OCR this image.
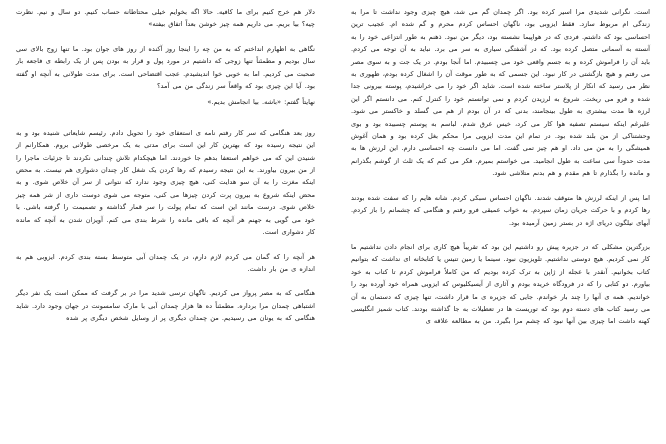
است. نگرانی شدیدی مرا اسیر کرده بود. اگر چمدان گم می شد، هیچ چیزی وجود نداشت تا مرا به زندگی ام مربوط سازد. فقط ایزوبی بود، ناگهان احساس کردم محرم و گم شده ام. عجیب ترین احساسی بود که داشتم. فردی که در هواپیما نشسته بود، دیگر من نبود. ذهنم به طور انتزاعی خود را به آنسته به آسمانی متصل کرده بود. که در آشفتگی سیاری به سر می برد. نباید به آن توجه می کردم. باید آن را فراموش کرده و به جسم واقعی خود می چسبیدم. اما آنجا بودم. در یک جت و به سوی مصر می رفتم و هیچ بازگشتی در کار نبود. این جسمی که به طور موقت آن را اشغال کرده بودم، ظهوری به نظر می رسید که انکار از پلاستر ساخته شده است. شاید اگر خود را می خراشیدم، پوسته بیرونی جدا شده و فرو می ریخت. شروع به لرزیدن کردم و نمی توانستم خود را کنترل کنم. می دانستم اگر این لرزه ها مدت بیشتری به طول بینجامند، بدنی که در آن بودم از هم می گسلد و خاکستر می شود. علیرغم اینکه سیستم تصفیه هوا کار می کرد، خیس عرق شدم. لباسم به پوستم چسبیده بود و بوی وحشتناکی از من بلند شده بود. در تمام این مدت ایزوبی مرا محکم بغل کرده بود و همان آغوش همیشگی را به من می داد. او هم چیز تمی گفت. اما می دانست چه احساسی دارم. این لرزش ها به مدت حدوداً سی ساعت به طول انجامید. می خواستم بمیرم. فکر می کنم که یک ثلث از گوشم بگذرانم و مانده را بگذارم تا هم مقدم و هم بدنم متلاشی شود.

اما پس از اینکه لرزش ها متوقف شدند. ناگهان احساس سبکی کردم. شانه هایم را که سفت شده بودند رها کردم و با حرکت جریان زمان سپردم. به خواب عمیقی فرو رفتم و هنگامی که چشمانم را باز کردم. آبهای نیلگون دریای اژه در بستر زمین آرمیده بود.

بزرگترین مشکلی که در جزیره پیش رو داشتیم این بود که تقریباً هیچ کاری برای انجام دادن نداشتیم ما کار نمی کردیم. هیچ دوستی نداشتیم. تلویزیون نبود. سینما یا زمین تنیس یا کتابخانه ای نداشت که بتوانیم کتاب بخوانیم. آنقدر با عجله از ژاپن به ترک کرده بودیم که من کاملاً فراموش کردم تا کتاب به خود بیاورم. دو کتابی را که در فرودگاه خریده بودم و آثاری از آیسیکلیوس که ایزوبی همراه خود آورده بود را خواندیم. همه ی آنها را چند بار خواندم. جایی که جزیره ی ما قرار داشت، تنها چیزی که دستمان به آن می رسید کتاب های دسته دوم بود که توریست ها در تعطیلات به جا گذاشته بودند. کتاب شمیز انگلیسی کهنه داشت اما چیزی بین آنها نبود که چشم مرا بگیرد. من به مطالعه علاقه ی

دلار هم خرج کنیم برای ما کافیه. حالا اگه بخوایم خیلی محتاطانه حساب کنیم. دو سال و نیم. نظرت چیه؟ بیا بریم. می داریم همه چیز خوشن بعداً اتفاق بیفته»

نگاهی به اظهارم انداختم که به من چه را اینجا روز آکنده از روز های جوان بود. ما تنها زوج بالای سی سال بودیم و مطمئناً تنها زوجی که داشتیم در مورد پول و قرار به بودن پس از یک رابطه ی فاجعه بار صحبت می کردیم. اما به خوبی خوا اندیشیدم. عجب اقتضاحی است. برای مدت طولانی به آنچه او گفته بود. آیا این چیزی بود که واقعاً سر زندگی من می آمد؟

نهایتاً گفتم: «باشه. بیا انجامش بدیم.»

روز بعد هنگامی که سر کار رفتم نامه ی استعفای خود را تحویل دادم. رئیسم شایعاتی شنیده بود و به این نتیجه رسیده بود که بهترین کار این است برای مدتی به یک مرخصی طولانی بروم. همکارانم از شنیدن این که می خواهم استعفا بدهم جا خوردند. اما هیچکدام تلاش چندانی نکردند تا جزئیات ماجرا را از من بیرون بیاورند. به این نتیجه رسیدم که رها کردن یک شغل کار چندان دشواری هم نیست. به محض اینکه مغزت را به آن سو هدایت کنی، هیچ چیزی وجود ندارد که نتوانی از سر آن خلاص شوی. و به محض اینکه شروع به بیرون پرت کردن چیزها می کنی، متوجه می شوی دوست داری از شر همه چیز خلاص شوی. درست مانند این است که تمام پولت را سر قمار گذاشته و تصمیمت را گرفته باشی. با خود می گویی به جهنم هر آنچه که باقی مانده را شرط بندی می کنم. آویزان شدن به آنچه که مانده کار دشواری است.

هر آنچه را که گمان می کردم لازم دارم، در یک چمدان آبی متوسط بسته بندی کردم. ایزوبی هم به اندازه ی من بار داشت.

هنگامی که به مصر پرواز می کردیم. ناگهان ترسی شدید مرا در بر گرفت که ممکن است یک نفر دیگر اشتباهی چمدان مرا برداره. مطمئناً ده ها هزار چمدان آبی با مارک سامسونت در جهان وجود دارد. شاید هنگامی که به یونان می رسیدیم. من چمدان دیگری پر از وسایل شخص دیگری پر شده
